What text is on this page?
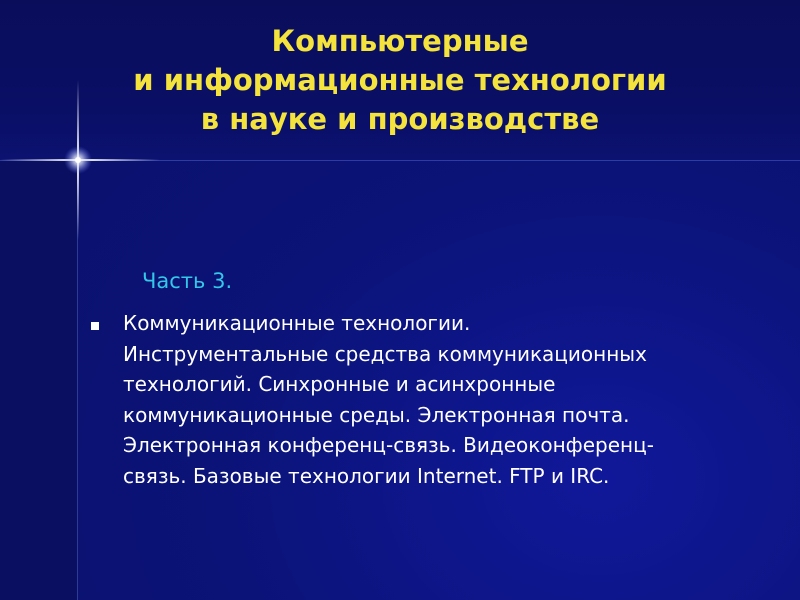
Компьютерные
и информационные технологии
в науке и производстве

Часть 3.

Коммуникационные технологии.
Инструментальные средства коммуникационных
технологий. Синхронные и асинхронные
коммуникационные среды. Электронная почта.
Электронная конференц-связь. Видеоконференц-
связь. Базовые технологии Internet. FTP и IRC.
